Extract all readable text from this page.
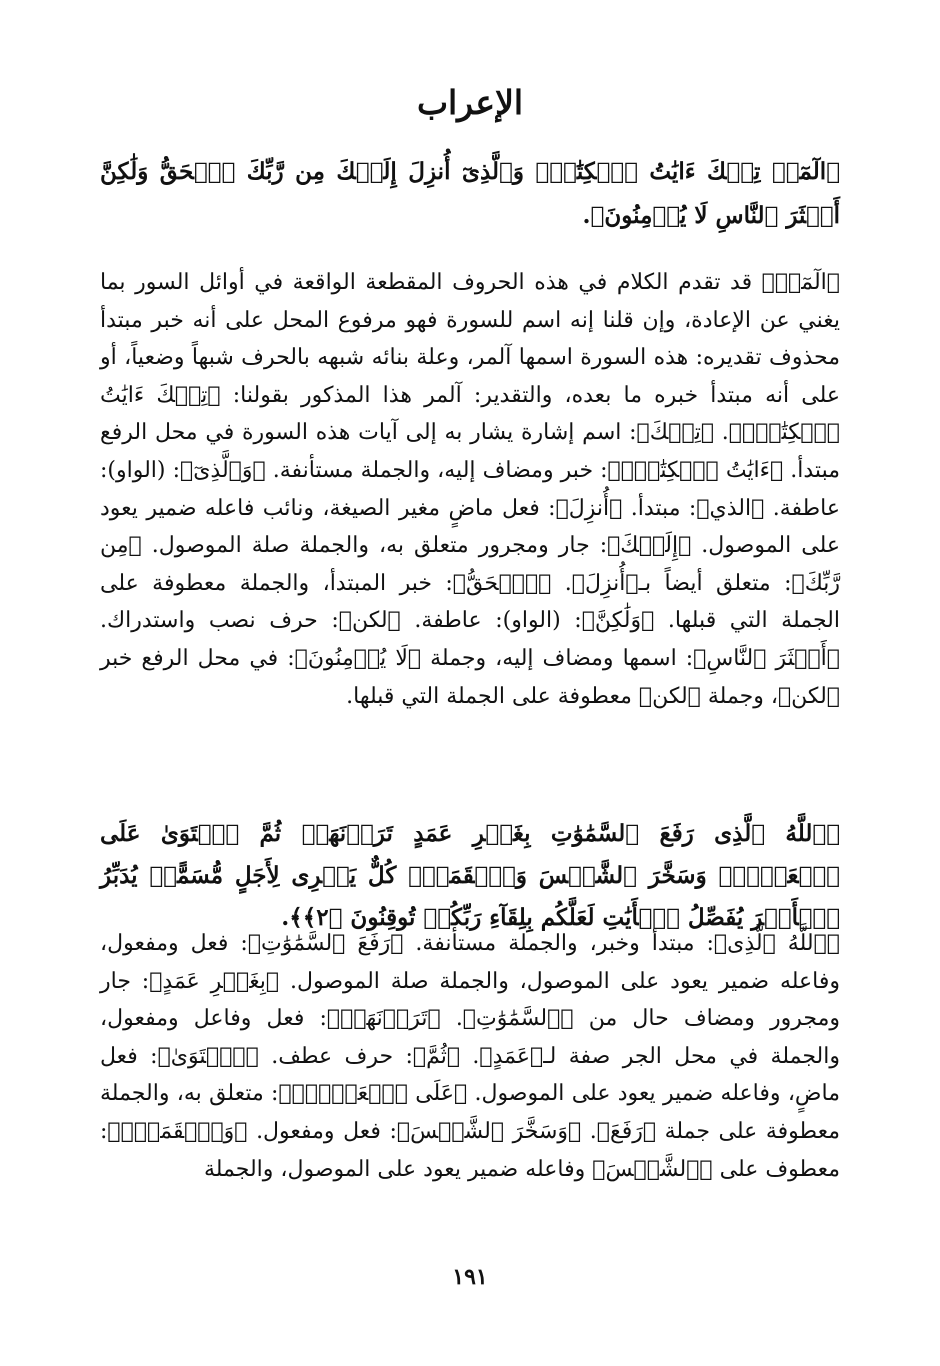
الإعراب
﴿الٓمٓرۚ تِلۡكَ ءَايَٰتُ ٱلۡكِتَٰبِۗ وَٱلَّذِىٓ أُنزِلَ إِلَيۡكَ مِن رَّبِّكَ ٱلۡحَقُّ وَلَٰكِنَّ أَكۡثَرَ ٱلنَّاسِ لَا يُؤۡمِنُونَ﴾.
﴿الٓمٓرۚ﴾ قد تقدم الكلام في هذه الحروف المقطعة الواقعة في أوائل السور بما يغني عن الإعادة، وإن قلنا إنه اسم للسورة فهو مرفوع المحل على أنه خبر مبتدأ محذوف تقديره: هذه السورة اسمها آلمر، وعلة بنائه شبهه بالحرف شبهاً وضعياً، أو على أنه مبتدأ خبره ما بعده، والتقدير: آلمر هذا المذكور بقولنا: ﴿تِلۡكَ ءَايَٰتُ ٱلۡكِتَٰبِۗ﴾. ﴿تِلۡكَ﴾: اسم إشارة يشار به إلى آيات هذه السورة في محل الرفع مبتدأ. ﴿ءَايَٰتُ ٱلۡكِتَٰبِۗ﴾: خبر ومضاف إليه، والجملة مستأنفة. ﴿وَٱلَّذِىٓ﴾: (الواو): عاطفة. ﴿الذي﴾: مبتدأ. ﴿أُنزِلَ﴾: فعل ماضٍ مغير الصيغة، ونائب فاعله ضمير يعود على الموصول. ﴿إِلَيۡكَ﴾: جار ومجرور متعلق به، والجملة صلة الموصول. ﴿مِن رَّبِّكَ﴾: متعلق أيضاً بـ﴿أُنزِلَ﴾. ﴿ٱلۡحَقُّ﴾: خبر المبتدأ، والجملة معطوفة على الجملة التي قبلها. ﴿وَلَٰكِنَّ﴾: (الواو): عاطفة. ﴿لكن﴾: حرف نصب واستدراك. ﴿أَكۡثَرَ ٱلنَّاسِ﴾: اسمها ومضاف إليه، وجملة ﴿لَا يُؤۡمِنُونَ﴾: في محل الرفع خبر ﴿لكن﴾، وجملة ﴿لكن﴾ معطوفة على الجملة التي قبلها.
﴿ٱللَّهُ ٱلَّذِى رَفَعَ ٱلسَّمَٰوَٰتِ بِغَيۡرِ عَمَدٍ تَرَوۡنَهَاۖ ثُمَّ ٱسۡتَوَىٰ عَلَى ٱلۡعَرۡشِۖ وَسَخَّرَ ٱلشَّمۡسَ وَٱلۡقَمَرَۖ كُلٌّ يَجۡرِى لِأَجَلٍ مُّسَمًّىۚ يُدَبِّرُ ٱلۡأَمۡرَ يُفَصِّلُ ٱلۡأَيَٰتِ لَعَلَّكُم بِلِقَآءِ رَبِّكُمۡ تُوقِنُونَ ﴿٢﴾﴾.
﴿ٱللَّهُ ٱلَّذِى﴾: مبتدأ وخبر، والجملة مستأنفة. ﴿رَفَعَ ٱلسَّمَٰوَٰتِ﴾: فعل ومفعول، وفاعله ضمير يعود على الموصول، والجملة صلة الموصول. ﴿بِغَيۡرِ عَمَدٍ﴾: جار ومجرور ومضاف حال من ﴿ٱلسَّمَٰوَٰتِ﴾. ﴿تَرَوۡنَهَاۖ﴾: فعل وفاعل ومفعول، والجملة في محل الجر صفة لـ﴿عَمَدٍ﴾. ﴿ثُمَّ﴾: حرف عطف. ﴿ٱسۡتَوَىٰ﴾: فعل ماضٍ، وفاعله ضمير يعود على الموصول. ﴿عَلَى ٱلۡعَرۡشِۖ﴾: متعلق به، والجملة معطوفة على جملة ﴿رَفَعَ﴾. ﴿وَسَخَّرَ ٱلشَّمۡسَ﴾: فعل ومفعول. ﴿وَٱلۡقَمَرَۖ﴾: معطوف على ﴿ٱلشَّمۡسَ﴾ وفاعله ضمير يعود على الموصول، والجملة
١٩١
